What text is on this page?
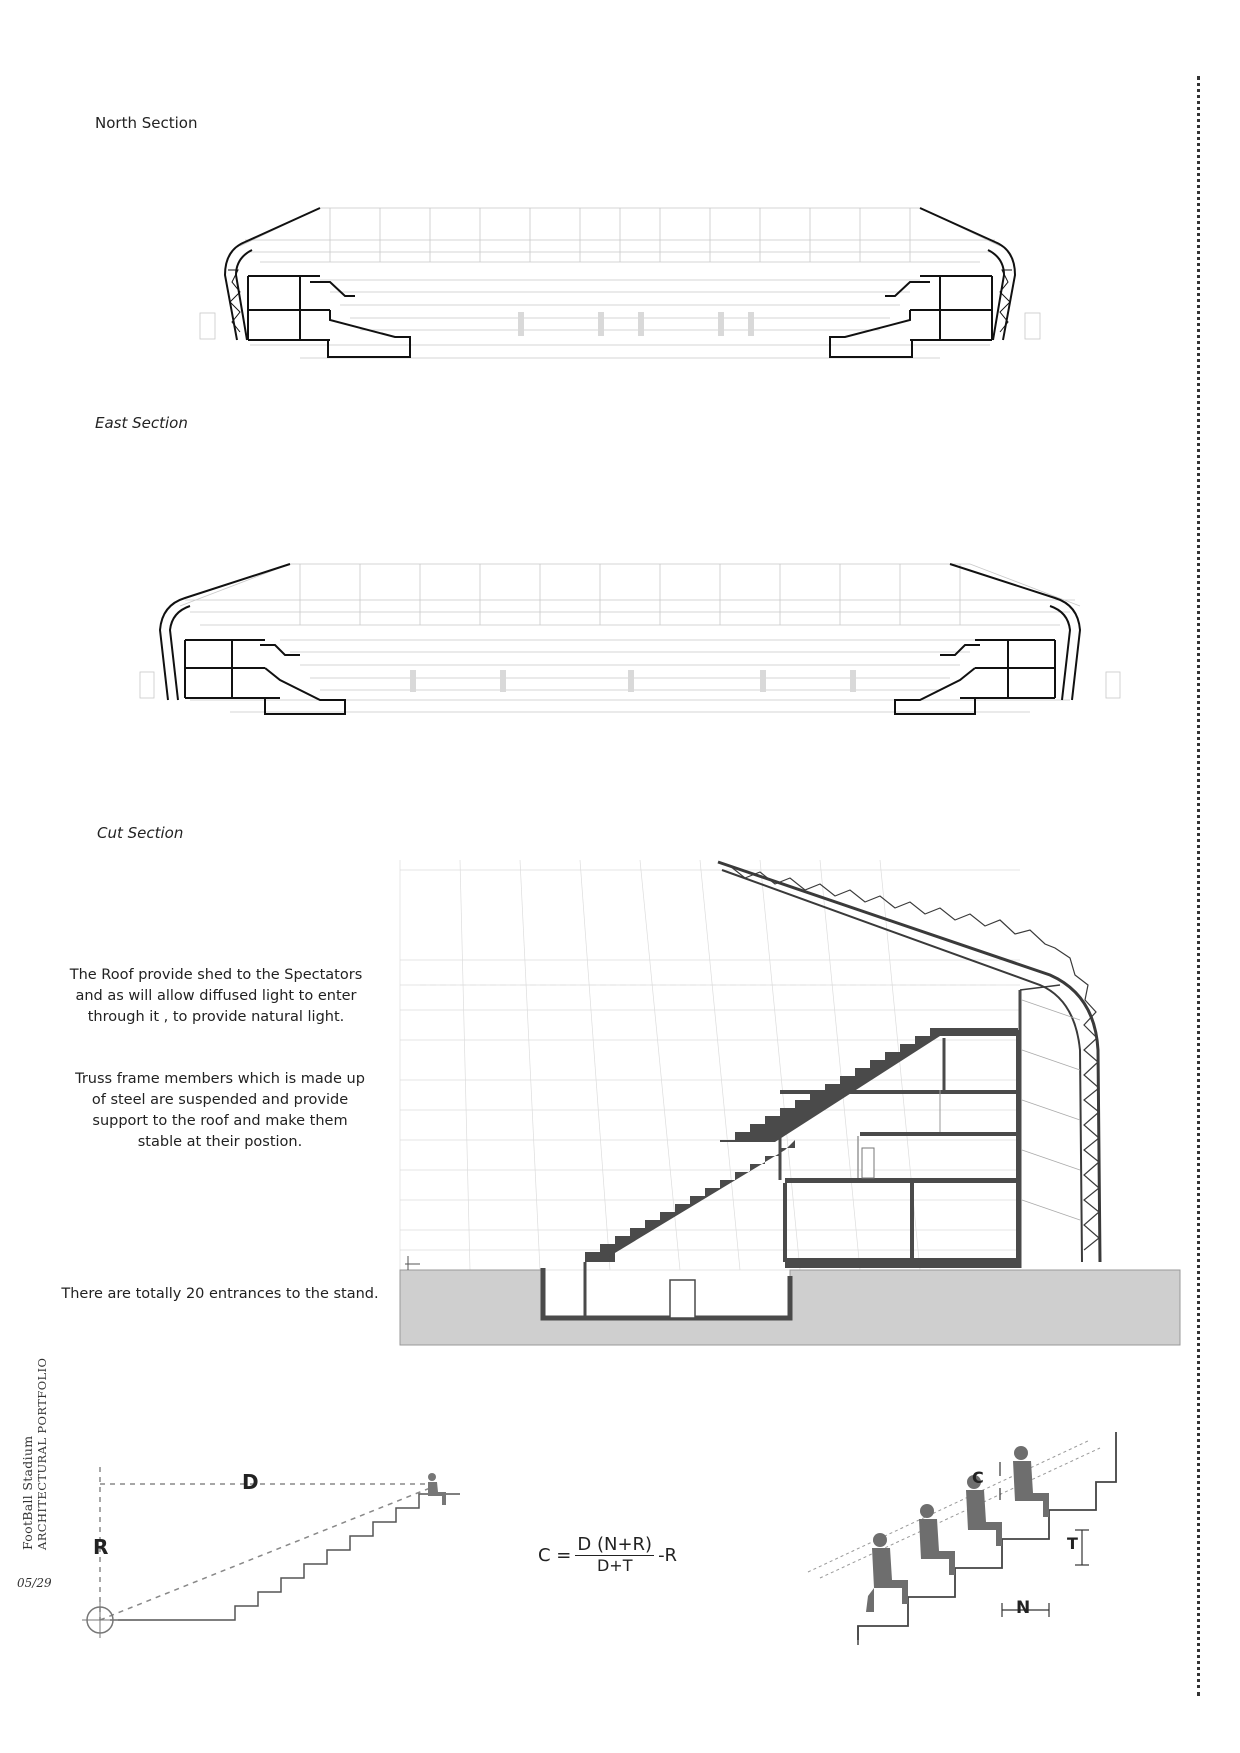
North Section
East Section
Cut Section
The Roof provide shed to the Spectators and as will allow diffused light to enter through it , to provide natural light.
Truss frame members which is made up of steel are suspended and provide support to the roof and make them stable at their postion.
There are totally 20 entrances to the stand.
FootBall Stadium ARCHITECTURAL PORTFOLIO
05/29
D
R	$C = \frac{D (N+R)}{D+T} -R$
C
T
N
